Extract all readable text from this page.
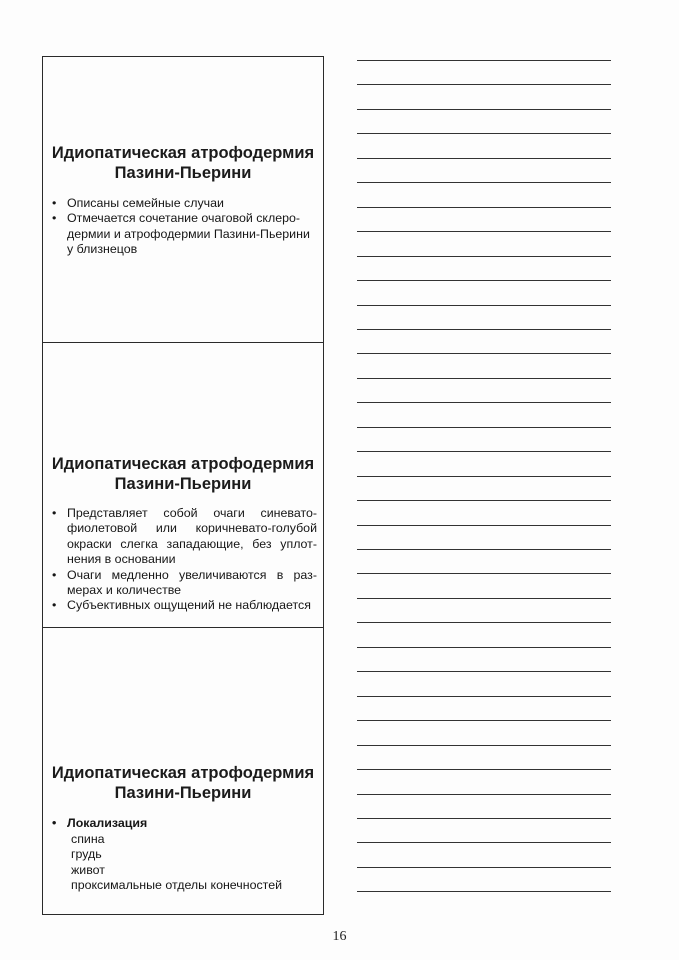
Идиопатическая атрофодермия
Пазини-Пьерини
• Описаны семейные случаи
• Отмечается сочетание очаговой склеродермии и атрофодермии Пазини-Пьерини у близнецов
Идиопатическая атрофодермия
Пазини-Пьерини
• Представляет собой очаги синевато-фиолетовой или коричневато-голубой окраски слегка западающие, без уплотнения в основании
• Очаги медленно увеличиваются в размерах и количестве
• Субъективных ощущений не наблюдается
Идиопатическая атрофодермия
Пазини-Пьерини
• Локализация
спина
грудь
живот
проксимальные отделы конечностей
16
